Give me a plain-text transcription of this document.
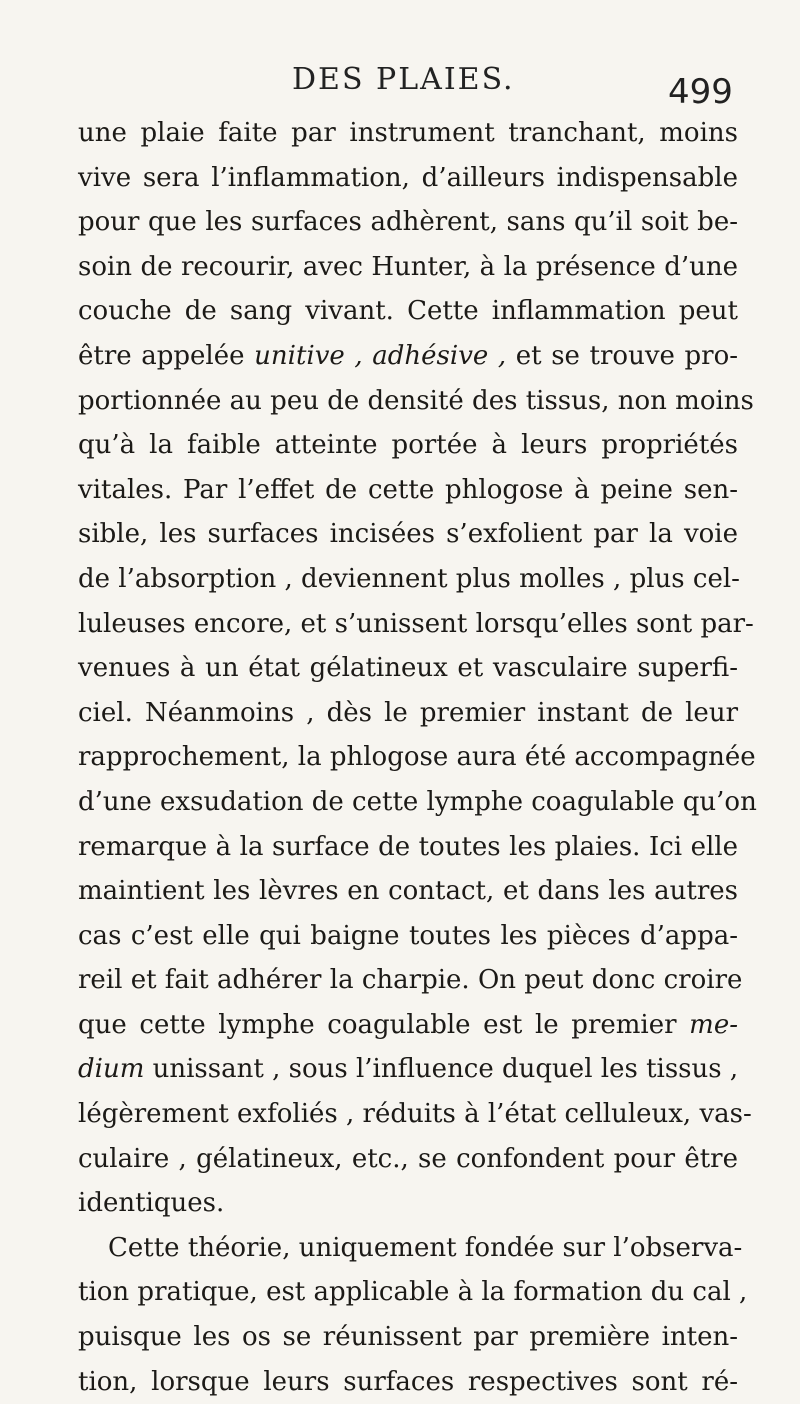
DES PLAIES.	499
une plaie faite par instrument tranchant, moins
vive sera l’inflammation, d’ailleurs indispensable
pour que les surfaces adhèrent, sans qu’il soit be-
soin de recourir, avec Hunter, à la présence d’une
couche de sang vivant. Cette inflammation peut
être appelée unitive , adhésive , et se trouve pro-
portionnée au peu de densité des tissus, non moins
qu’à la faible atteinte portée à leurs propriétés
vitales. Par l’effet de cette phlogose à peine sen-
sible, les surfaces incisées s’exfolient par la voie
de l’absorption , deviennent plus molles , plus cel-
luleuses encore, et s’unissent lorsqu’elles sont par-
venues à un état gélatineux et vasculaire superfi-
ciel. Néanmoins , dès le premier instant de leur
rapprochement, la phlogose aura été accompagnée
d’une exsudation de cette lymphe coagulable qu’on
remarque à la surface de toutes les plaies. Ici elle
maintient les lèvres en contact, et dans les autres
cas c’est elle qui baigne toutes les pièces d’appa-
reil et fait adhérer la charpie. On peut donc croire
que cette lymphe coagulable est le premier me-
dium unissant , sous l’influence duquel les tissus ,
légèrement exfoliés , réduits à l’état celluleux, vas-
culaire , gélatineux, etc., se confondent pour être
identiques.
Cette théorie, uniquement fondée sur l’observa-
tion pratique, est applicable à la formation du cal ,
puisque les os se réunissent par première inten-
tion, lorsque leurs surfaces respectives sont ré-
